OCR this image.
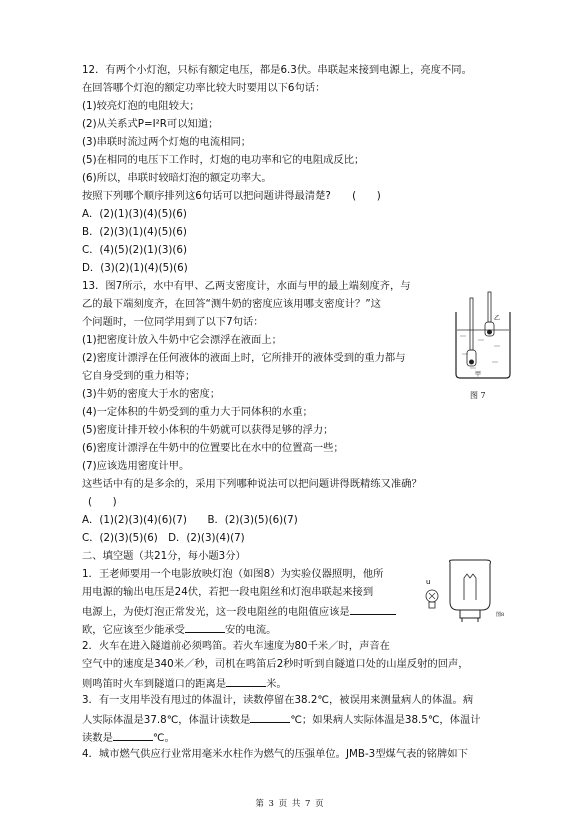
12．有两个小灯泡，只标有额定电压，都是6.3伏。串联起来接到电源上，亮度不同。
在回答哪个灯泡的额定功率比较大时要用以下6句话：
(1)较亮灯泡的电阻较大；
(2)从关系式P=I²R可以知道；
(3)串联时流过两个灯炮的电流相同；
(5)在相同的电压下工作时，灯炮的电功率和它的电阻成反比；
(6)所以，串联时较暗灯泡的额定功率大。
按照下列哪个顺序排列这6句话可以把问题讲得最清楚? (　　)
A．(2)(1)(3)(4)(5)(6)
B．(2)(3)(1)(4)(5)(6)
C．(4)(5)(2)(1)(3)(6)
D．(3)(2)(1)(4)(5)(6)
13．图7所示，水中有甲、乙两支密度计，水面与甲的最上端刻度齐，与
乙的最下端刻度齐，在回答“测牛奶的密度应该用哪支密度计？”这
个问题时，一位同学用到了以下7句话：
(1)把密度计放入牛奶中它会漂浮在液面上；
(2)密度计漂浮在任何液体的液面上时，它所排开的液体受到的重力都与
它自身受到的重力相等；
(3)牛奶的密度大于水的密度；
(4)一定体积的牛奶受到的重力大于同体积的水重；
(5)密度计排开较小体积的牛奶就可以获得足够的浮力；
(6)密度计漂浮在牛奶中的位置要比在水中的位置高一些；
(7)应该选用密度计甲。
这些话中有的是多余的，采用下列哪种说法可以把问题讲得既精练又准确？
(　　)
A．(1)(2)(3)(4)(6)(7)　　B．(2)(3)(5)(6)(7)
C．(2)(3)(5)(6)　D．(2)(3)(4)(7)
甲
乙
图 7
二、填空题（共21分，每小题3分）
1．王老师要用一个电影放映灯泡（如图8）为实验仪器照明，他所
用电源的输出电压是24伏，若把一段电阻丝和灯泡串联起来接到
电源上，为使灯泡正常发光，这一段电阻丝的电阻值应该是
欧，它应该至少能承受	安的电流。
u
图8
2．火车在进入隧道前必须鸣笛。若火车速度为80千米／时，声音在
空气中的速度是340米／秒，司机在鸣笛后2秒时听到自隧道口处的山崖反射的回声，
则鸣笛时火车到隧道口的距离是	米。
3．有一支用毕没有甩过的体温计，读数停留在38.2℃，被误用来测量病人的体温。病
人实际体温是37.8℃，体温计读数是	℃；如果病人实际体温是38.5℃，体温计
读数是	℃。
4．城市燃气供应行业常用毫米水柱作为燃气的压强单位。JMB-3型煤气表的铭牌如下
第 3 页 共 7 页
